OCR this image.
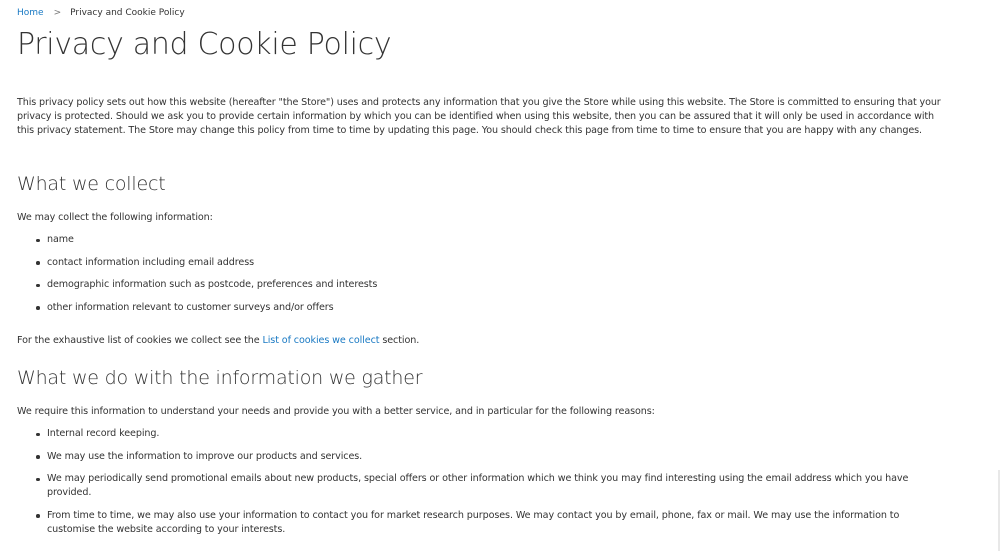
Home > Privacy and Cookie Policy
Privacy and Cookie Policy

This privacy policy sets out how this website (hereafter "the Store") uses and protects any information that you give the Store while using this website. The Store is committed to ensuring that your privacy is protected. Should we ask you to provide certain information by which you can be identified when using this website, then you can be assured that it will only be used in accordance with this privacy statement. The Store may change this policy from time to time by updating this page. You should check this page from time to time to ensure that you are happy with any changes.

What we collect

We may collect the following information:

name
contact information including email address
demographic information such as postcode, preferences and interests
other information relevant to customer surveys and/or offers

For the exhaustive list of cookies we collect see the List of cookies we collect section.

What we do with the information we gather

We require this information to understand your needs and provide you with a better service, and in particular for the following reasons:

Internal record keeping.
We may use the information to improve our products and services.
We may periodically send promotional emails about new products, special offers or other information which we think you may find interesting using the email address which you have provided.
From time to time, we may also use your information to contact you for market research purposes. We may contact you by email, phone, fax or mail. We may use the information to customise the website according to your interests.
